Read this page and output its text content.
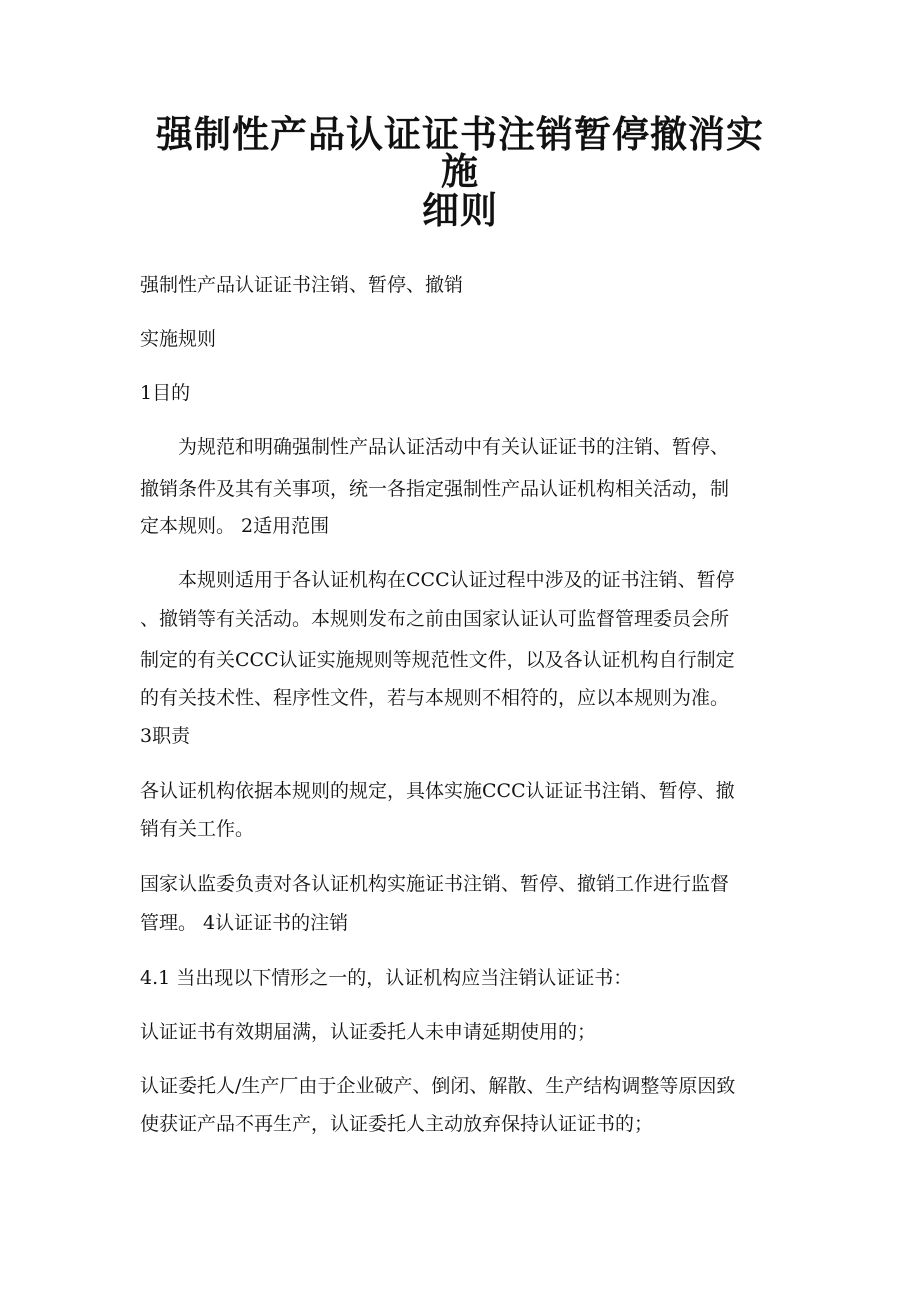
强制性产品认证证书注销暂停撤消实施
细则

强制性产品认证证书注销、暂停、撤销

实施规则

1目的

为规范和明确强制性产品认证活动中有关认证证书的注销、暂停、

撤销条件及其有关事项，统一各指定强制性产品认证机构相关活动，制

定本规则。 2适用范围

本规则适用于各认证机构在CCC认证过程中涉及的证书注销、暂停

、撤销等有关活动。本规则发布之前由国家认证认可监督管理委员会所

制定的有关CCC认证实施规则等规范性文件，以及各认证机构自行制定

的有关技术性、程序性文件，若与本规则不相符的，应以本规则为准。

3职责

各认证机构依据本规则的规定，具体实施CCC认证证书注销、暂停、撤

销有关工作。

国家认监委负责对各认证机构实施证书注销、暂停、撤销工作进行监督

管理。 4认证证书的注销

4.1 当出现以下情形之一的，认证机构应当注销认证证书：

认证证书有效期届满，认证委托人未申请延期使用的；

认证委托人/生产厂由于企业破产、倒闭、解散、生产结构调整等原因致

使获证产品不再生产，认证委托人主动放弃保持认证证书的；
